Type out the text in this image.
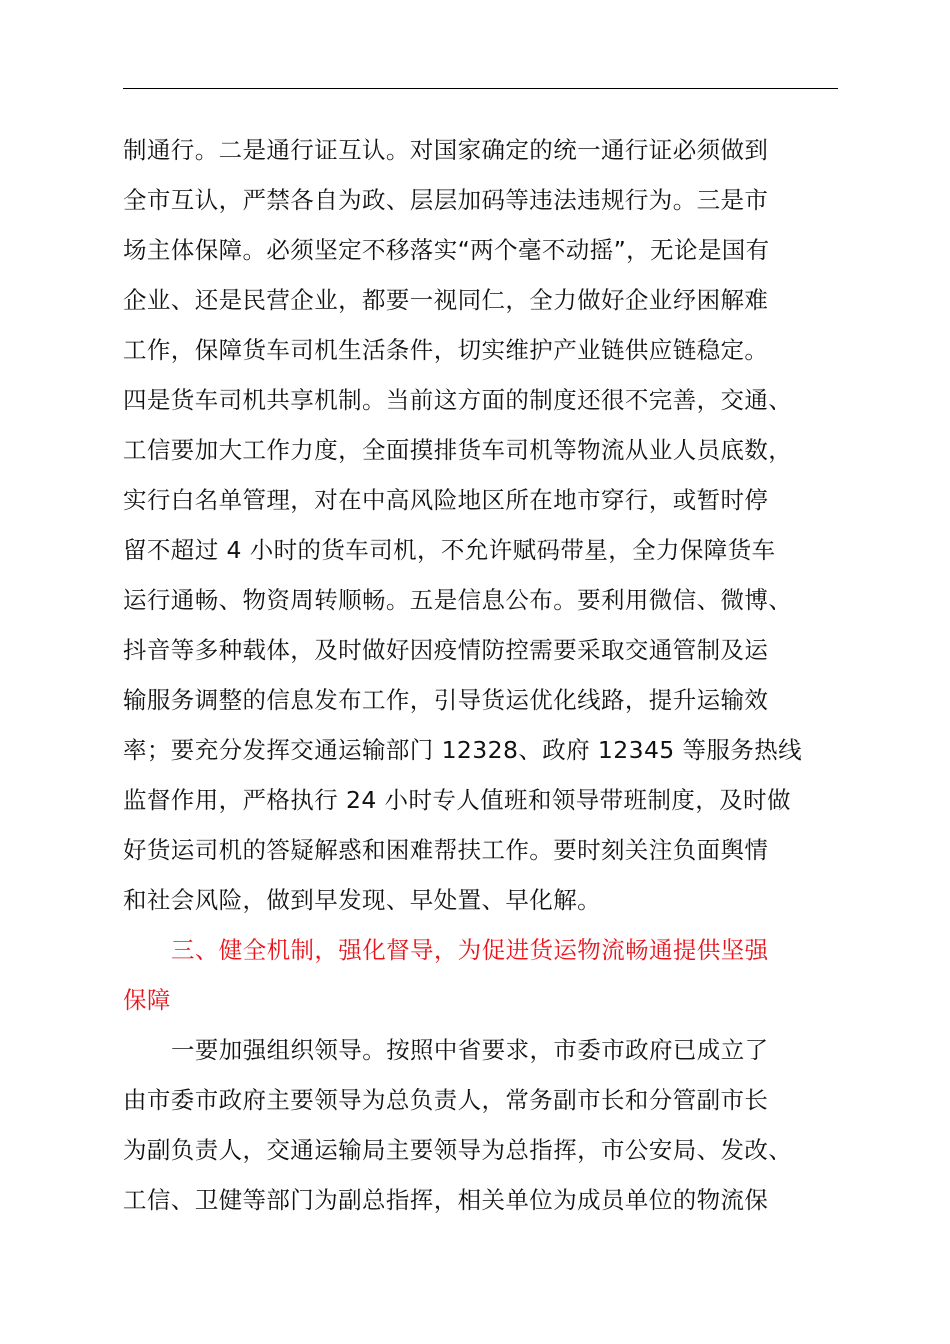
制通行。二是通行证互认。对国家确定的统一通行证必须做到
全市互认，严禁各自为政、层层加码等违法违规行为。三是市
场主体保障。必须坚定不移落实“两个毫不动摇”，无论是国有
企业、还是民营企业，都要一视同仁，全力做好企业纾困解难
工作，保障货车司机生活条件，切实维护产业链供应链稳定。
四是货车司机共享机制。当前这方面的制度还很不完善，交通、
工信要加大工作力度，全面摸排货车司机等物流从业人员底数，
实行白名单管理，对在中高风险地区所在地市穿行，或暂时停
留不超过 4 小时的货车司机，不允许赋码带星，全力保障货车
运行通畅、物资周转顺畅。五是信息公布。要利用微信、微博、
抖音等多种载体，及时做好因疫情防控需要采取交通管制及运
输服务调整的信息发布工作，引导货运优化线路，提升运输效
率；要充分发挥交通运输部门 12328、政府 12345 等服务热线
监督作用，严格执行 24 小时专人值班和领导带班制度，及时做
好货运司机的答疑解惑和困难帮扶工作。要时刻关注负面舆情
和社会风险，做到早发现、早处置、早化解。
三、健全机制，强化督导，为促进货运物流畅通提供坚强
保障
一要加强组织领导。按照中省要求，市委市政府已成立了
由市委市政府主要领导为总负责人，常务副市长和分管副市长
为副负责人，交通运输局主要领导为总指挥，市公安局、发改、
工信、卫健等部门为副总指挥，相关单位为成员单位的物流保
